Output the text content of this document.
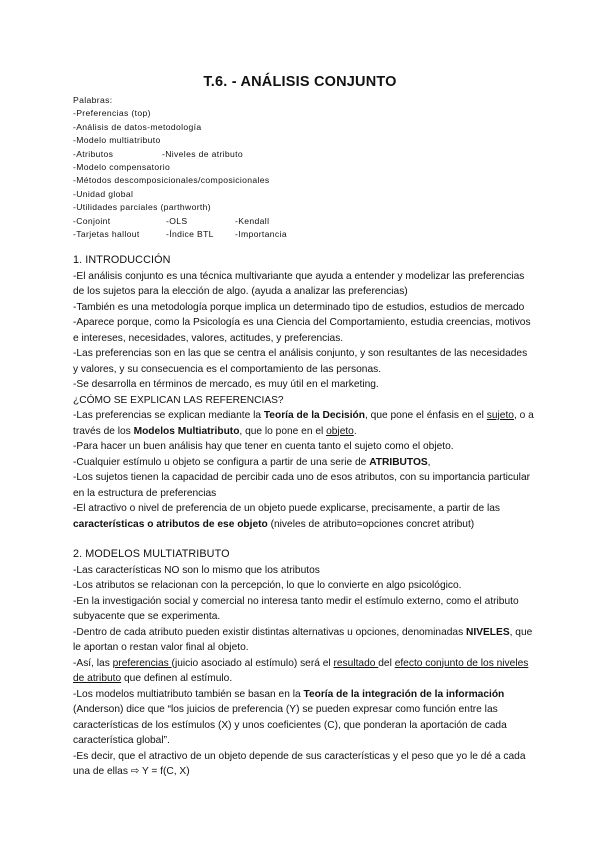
T.6. - ANÁLISIS CONJUNTO
Palabras:
-Preferencias (top)
-Análisis de datos-metodología
-Modelo multiatributo
-Atributos	-Niveles de atributo
-Modelo compensatorio
-Métodos descomposicionales/composicionales
-Unidad global
-Utilidades parciales (parthworth)
-Conjoint	-OLS	-Kendall
-Tarjetas hallout	-Índice BTL -Importancia

1. INTRODUCCIÓN

-El análisis conjunto es una técnica multivariante que ayuda a entender y modelizar las preferencias de los sujetos para la elección de algo. (ayuda a analizar las preferencias)

-También es una metodología porque implica un determinado tipo de estudios, estudios de mercado

-Aparece porque, como la Psicología es una Ciencia del Comportamiento, estudia creencias, motivos e intereses, necesidades, valores, actitudes, y preferencias.

-Las preferencias son en las que se centra el análisis conjunto, y son resultantes de las necesidades y valores, y su consecuencia es el comportamiento de las personas.

-Se desarrolla en términos de mercado, es muy útil en el marketing.

¿CÓMO SE EXPLICAN LAS REFERENCIAS?

-Las preferencias se explican mediante la Teoría de la Decisión, que pone el énfasis en el sujeto, o a través de los Modelos Multiatributo, que lo pone en el objeto.

-Para hacer un buen análisis hay que tener en cuenta tanto el sujeto como el objeto.

-Cualquier estímulo u objeto se configura a partir de una serie de ATRIBUTOS,

-Los sujetos tienen la capacidad de percibir cada uno de esos atributos, con su importancia particular en la estructura de preferencias

-El atractivo o nivel de preferencia de un objeto puede explicarse, precisamente, a partir de las características o atributos de ese objeto (niveles de atributo=opciones concret atribut)

2. MODELOS MULTIATRIBUTO

-Las características NO son lo mismo que los atributos

-Los atributos se relacionan con la percepción, lo que lo convierte en algo psicológico.

-En la investigación social y comercial no interesa tanto medir el estímulo externo, como el atributo subyacente que se experimenta.

-Dentro de cada atributo pueden existir distintas alternativas u opciones, denominadas NIVELES, que le aportan o restan valor final al objeto.

-Así, las preferencias (juicio asociado al estímulo) será el resultado del efecto conjunto de los niveles de atributo que definen al estímulo.

-Los modelos multiatributo también se basan en la Teoría de la integración de la información (Anderson) dice que “los juicios de preferencia (Y) se pueden expresar como función entre las características de los estímulos (X) y unos coeficientes (C), que ponderan la aportación de cada característica global”.

-Es decir, que el atractivo de un objeto depende de sus características y el peso que yo le dé a cada una de ellas ⇨ Y = f(C, X)
